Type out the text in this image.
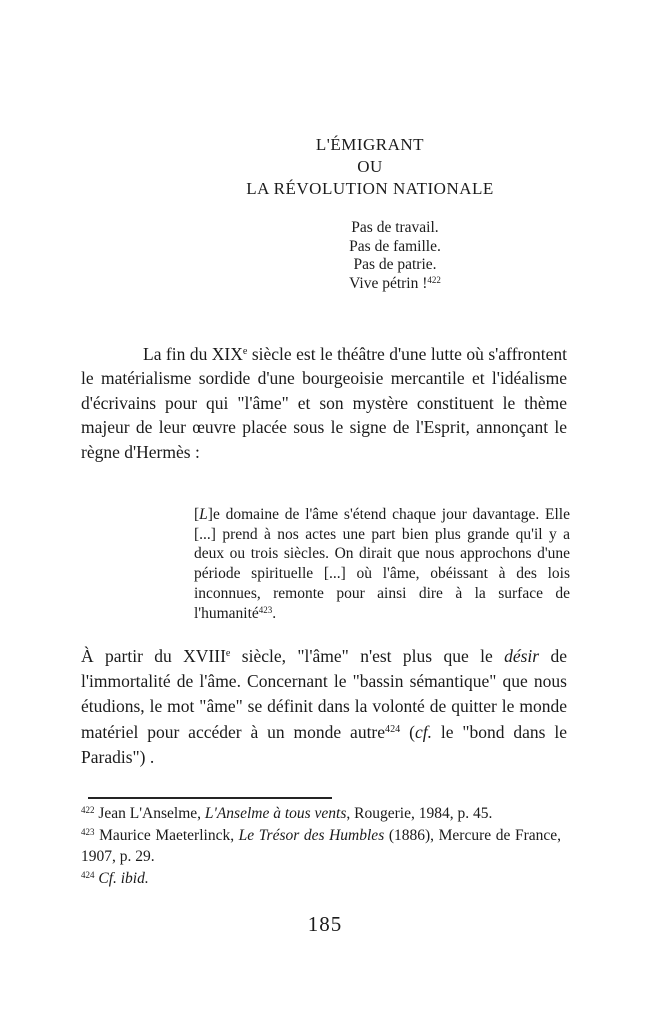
L'ÉMIGRANT
OU
LA RÉVOLUTION NATIONALE
Pas de travail.
Pas de famille.
Pas de patrie.
Vive pétrin !$^{422}$

La fin du XIXe siècle est le théâtre d'une lutte où s'affrontent le matérialisme sordide d'une bourgeoisie mercantile et l'idéalisme d'écrivains pour qui "l'âme" et son mystère constituent le thème majeur de leur œuvre placée sous le signe de l'Esprit, annonçant le règne d'Hermès :

[L]e domaine de l'âme s'étend chaque jour davantage. Elle [...] prend à nos actes une part bien plus grande qu'il y a deux ou trois siècles. On dirait que nous approchons d'une période spirituelle [...] où l'âme, obéissant à des lois inconnues, remonte pour ainsi dire à la surface de l'humanité$^{423}$.

À partir du XVIIIe siècle, "l'âme" n'est plus que le désir de l'immortalité de l'âme. Concernant le "bassin sémantique" que nous étudions, le mot "âme" se définit dans la volonté de quitter le monde matériel pour accéder à un monde autre$^{424}$ (cf. le "bond dans le Paradis") .

$^{422}$ Jean L'Anselme, L'Anselme à tous vents, Rougerie, 1984, p. 45.

$^{423}$ Maurice Maeterlinck, Le Trésor des Humbles (1886), Mercure de France, 1907, p. 29.

$^{424}$ Cf. ibid.

185
